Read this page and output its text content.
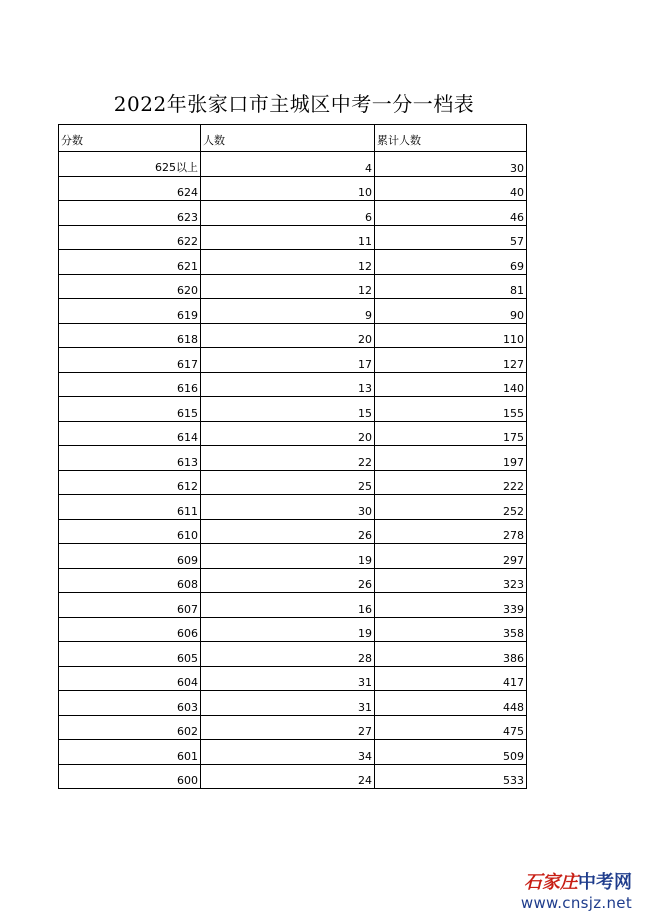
2022年张家口市主城区中考一分一档表
分数	人数	累计人数
625以上	4	30
624	10	40
623	6	46
622	11	57
621	12	69
620	12	81
619	9	90
618	20	110
617	17	127
616	13	140
615	15	155
614	20	175
613	22	197
612	25	222
611	30	252
610	26	278
609	19	297
608	26	323
607	16	339
606	19	358
605	28	386
604	31	417
603	31	448
602	27	475
601	34	509
600	24	533
石家庄中考网
www.cnsjz.net
